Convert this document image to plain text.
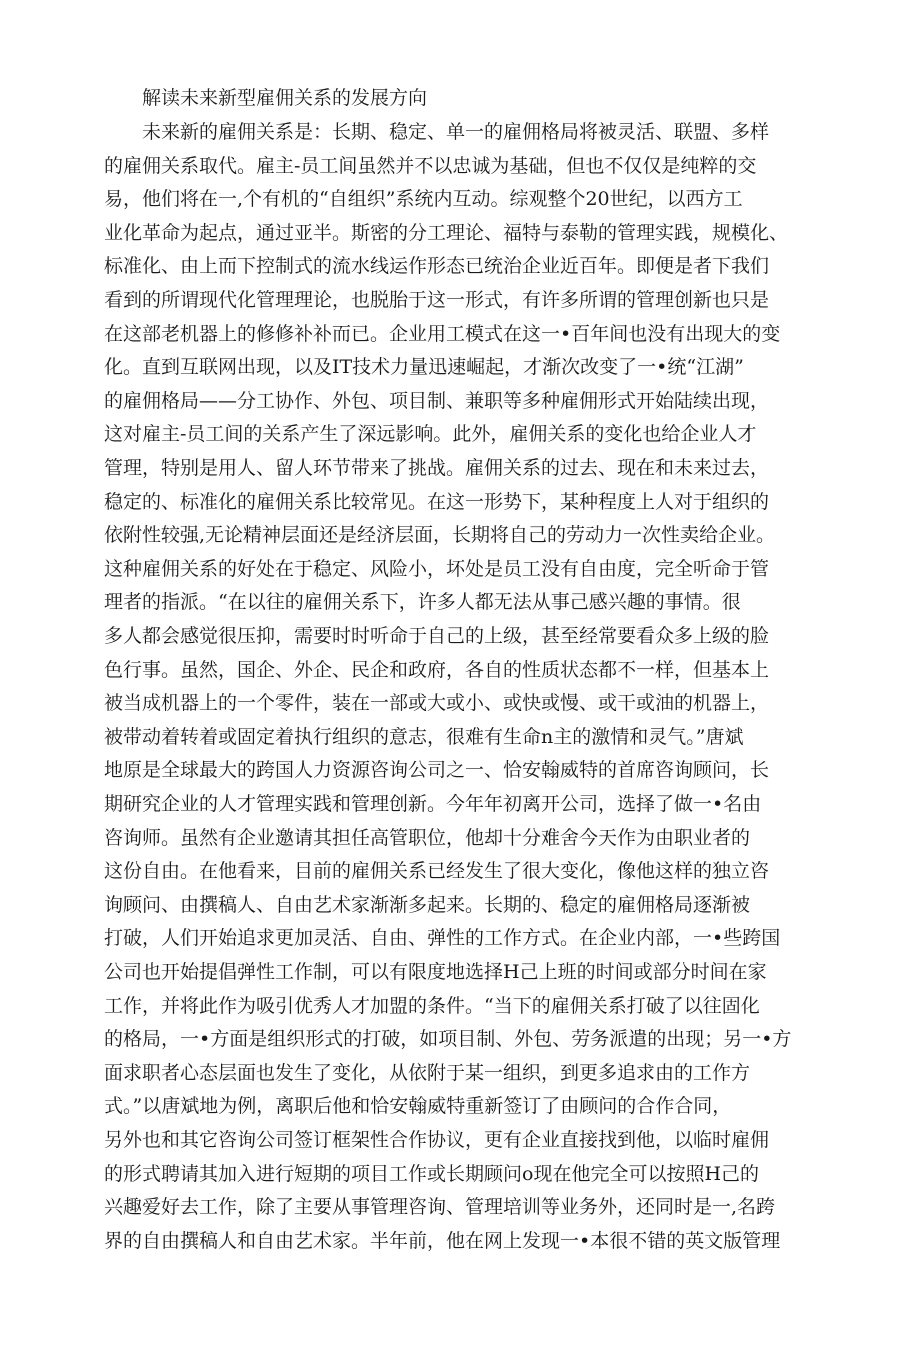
解读未来新型雇佣关系的发展方向
未来新的雇佣关系是：长期、稳定、单一的雇佣格局将被灵活、联盟、多样
的雇佣关系取代。雇主-员工间虽然并不以忠诚为基础，但也不仅仅是纯粹的交
易，他们将在一,个有机的“自组织”系统内互动。综观整个20世纪，以西方工
业化革命为起点，通过亚半。斯密的分工理论、福特与泰勒的管理实践，规模化、
标准化、由上而下控制式的流水线运作形态已统治企业近百年。即便是者下我们
看到的所谓现代化管理理论，也脱胎于这一形式，有许多所谓的管理创新也只是
在这部老机器上的修修补补而已。企业用工模式在这一•百年间也没有出现大的变
化。直到互联网出现，以及IT技术力量迅速崛起，才渐次改变了一•统“江湖”
的雇佣格局——分工协作、外包、项目制、兼职等多种雇佣形式开始陆续出现，
这对雇主-员工间的关系产生了深远影响。此外，雇佣关系的变化也给企业人才
管理，特别是用人、留人环节带来了挑战。雇佣关系的过去、现在和未来过去，
稳定的、标准化的雇佣关系比较常见。在这一形势下，某种程度上人对于组织的
依附性较强,无论精神层面还是经济层面，长期将自己的劳动力一次性卖给企业。
这种雇佣关系的好处在于稳定、风险小，坏处是员工没有自由度，完全听命于管
理者的指派。“在以往的雇佣关系下，许多人都无法从事己感兴趣的事情。很
多人都会感觉很压抑，需要时时听命于自己的上级，甚至经常要看众多上级的脸
色行事。虽然，国企、外企、民企和政府，各自的性质状态都不一样，但基本上
被当成机器上的一个零件，装在一部或大或小、或快或慢、或干或油的机器上，
被带动着转着或固定着执行组织的意志，很难有生命n主的激情和灵气。”唐斌
地原是全球最大的跨国人力资源咨询公司之一、恰安翰威特的首席咨询顾问，长
期研究企业的人才管理实践和管理创新。今年年初离开公司，选择了做一•名由
咨询师。虽然有企业邀请其担任高管职位，他却十分难舍今天作为由职业者的
这份自由。在他看来，目前的雇佣关系已经发生了很大变化，像他这样的独立咨
询顾问、由撰稿人、自由艺术家渐渐多起来。长期的、稳定的雇佣格局逐渐被
打破，人们开始追求更加灵活、自由、弹性的工作方式。在企业内部，一•些跨国
公司也开始提倡弹性工作制，可以有限度地选择H己上班的时间或部分时间在家
工作，并将此作为吸引优秀人才加盟的条件。“当下的雇佣关系打破了以往固化
的格局，一•方面是组织形式的打破，如项目制、外包、劳务派遣的出现；另一•方
面求职者心态层面也发生了变化，从依附于某一组织，到更多追求由的工作方
式。”以唐斌地为例，离职后他和恰安翰威特重新签订了由顾问的合作合同，
另外也和其它咨询公司签订框架性合作协议，更有企业直接找到他，以临时雇佣
的形式聘请其加入进行短期的项目工作或长期顾问o现在他完全可以按照H己的
兴趣爱好去工作，除了主要从事管理咨询、管理培训等业务外，还同时是一,名跨
界的自由撰稿人和自由艺术家。半年前，他在网上发现一•本很不错的英文版管理
